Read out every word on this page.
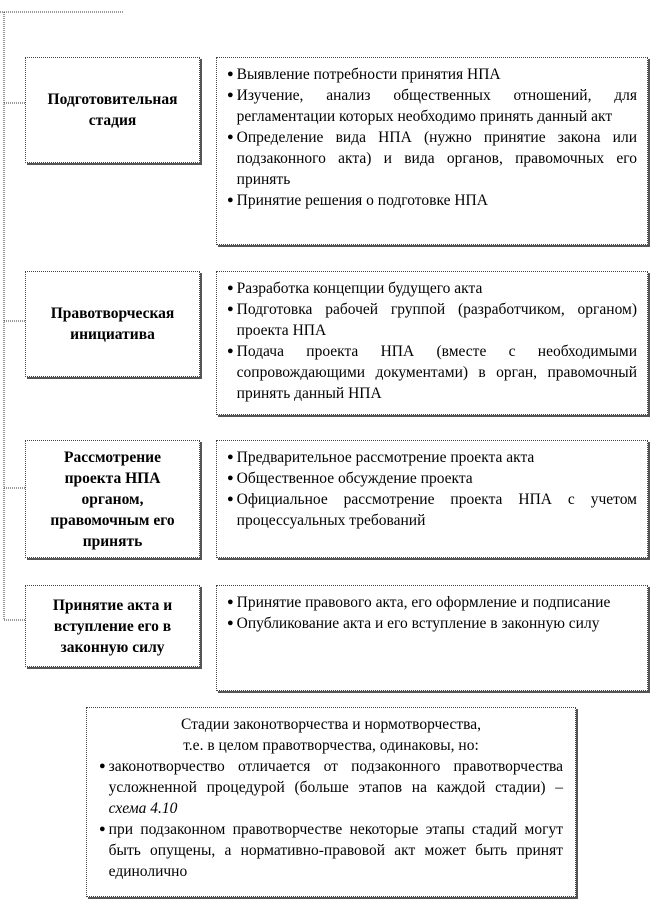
Подготовительная стадия
● Выявление потребности принятия НПА
● Изучение, анализ общественных отношений, для регламентации которых необходимо принять данный акт
● Определение вида НПА (нужно принятие закона или подзаконного акта) и вида органов, правомочных его принять
● Принятие решения о подготовке НПА
Правотворческая инициатива
● Разработка концепции будущего акта
● Подготовка рабочей группой (разработчиком, органом) проекта НПА
● Подача проекта НПА (вместе с необходимыми сопровождающими документами) в орган, правомочный принять данный НПА
Рассмотрение проекта НПА органом, правомочным его принять
● Предварительное рассмотрение проекта акта
● Общественное обсуждение проекта
● Официальное рассмотрение проекта НПА с учетом процессуальных требований
Принятие акта и вступление его в законную силу
● Принятие правового акта, его оформление и подписание
● Опубликование акта и его вступление в законную силу
Стадии законотворчества и нормотворчества,
т.е. в целом правотворчества, одинаковы, но:
● законотворчество отличается от подзаконного правотворчества усложненной процедурой (больше этапов на каждой стадии) – схема 4.10
● при подзаконном правотворчестве некоторые этапы стадий могут быть опущены, а нормативно-правовой акт может быть принят единолично
